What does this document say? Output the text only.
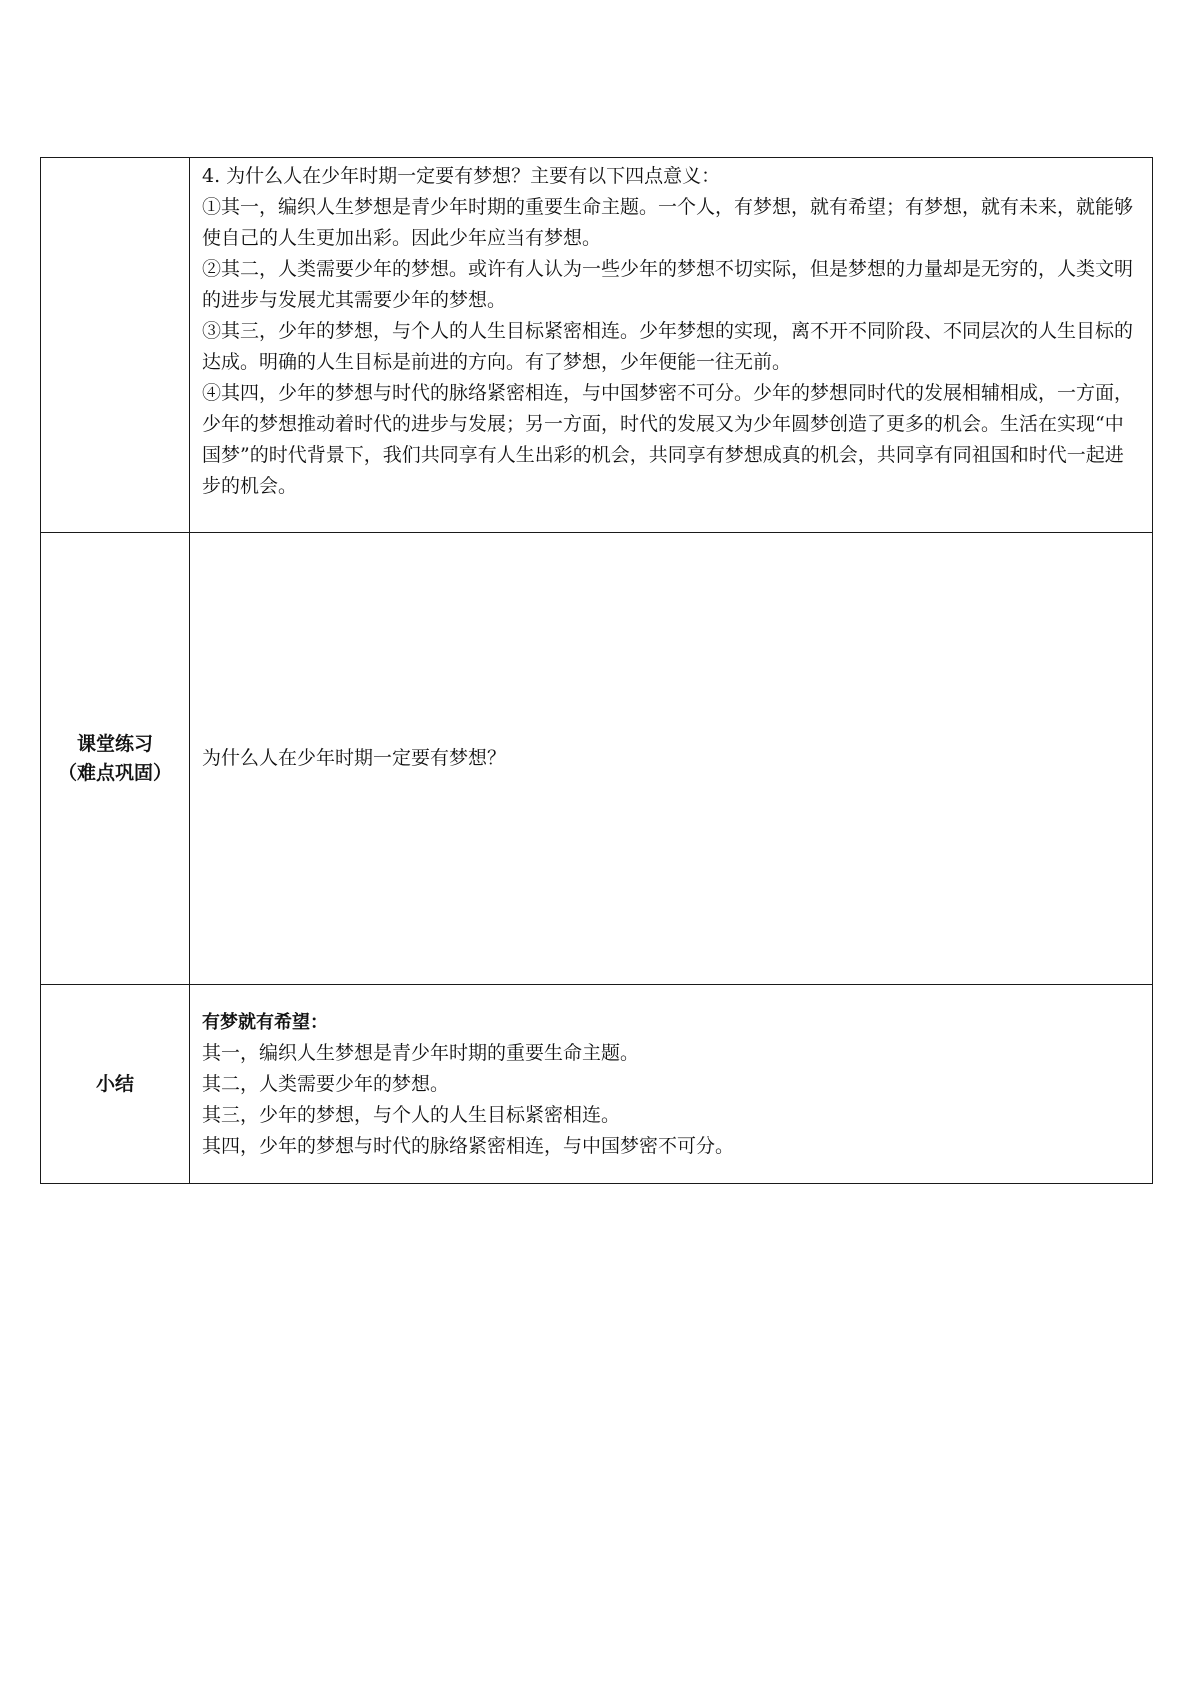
	4. 为什么人在少年时期一定要有梦想？主要有以下四点意义：

①其一，编织人生梦想是青少年时期的重要生命主题。一个人，有梦想，就有希望；有梦想，就有未来，就能够使自己的人生更加出彩。因此少年应当有梦想。

②其二，人类需要少年的梦想。或许有人认为一些少年的梦想不切实际，但是梦想的力量却是无穷的，人类文明的进步与发展尤其需要少年的梦想。

③其三，少年的梦想，与个人的人生目标紧密相连。少年梦想的实现，离不开不同阶段、不同层次的人生目标的达成。明确的人生目标是前进的方向。有了梦想，少年便能一往无前。

④其四，少年的梦想与时代的脉络紧密相连，与中国梦密不可分。少年的梦想同时代的发展相辅相成，一方面，少年的梦想推动着时代的进步与发展；另一方面，时代的发展又为少年圆梦创造了更多的机会。生活在实现“中国梦”的时代背景下，我们共同享有人生出彩的机会，共同享有梦想成真的机会，共同享有同祖国和时代一起进步的机会。

课堂练习
（难点巩固）	为什么人在少年时期一定要有梦想？

小结	有梦就有希望：

其一，编织人生梦想是青少年时期的重要生命主题。

其二，人类需要少年的梦想。

其三，少年的梦想，与个人的人生目标紧密相连。

其四，少年的梦想与时代的脉络紧密相连，与中国梦密不可分。
